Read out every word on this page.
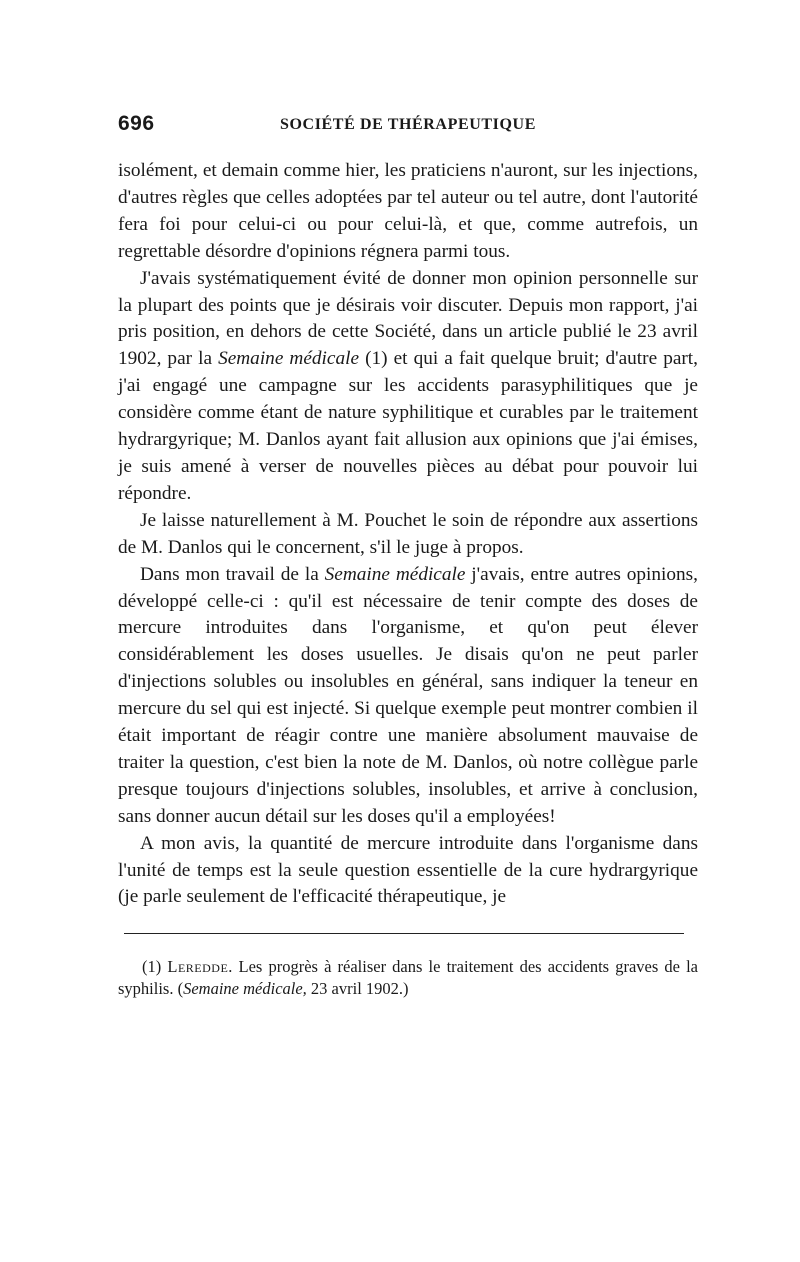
696	SOCIÉTÉ DE THÉRAPEUTIQUE

isolément, et demain comme hier, les praticiens n'auront, sur les injections, d'autres règles que celles adoptées par tel auteur ou tel autre, dont l'autorité fera foi pour celui-ci ou pour celui-là, et que, comme autrefois, un regrettable désordre d'opinions régnera parmi tous.

J'avais systématiquement évité de donner mon opinion personnelle sur la plupart des points que je désirais voir discuter. Depuis mon rapport, j'ai pris position, en dehors de cette Société, dans un article publié le 23 avril 1902, par la Semaine médicale (1) et qui a fait quelque bruit; d'autre part, j'ai engagé une campagne sur les accidents parasyphilitiques que je considère comme étant de nature syphilitique et curables par le traitement hydrargyrique; M. Danlos ayant fait allusion aux opinions que j'ai émises, je suis amené à verser de nouvelles pièces au débat pour pouvoir lui répondre.

Je laisse naturellement à M. Pouchet le soin de répondre aux assertions de M. Danlos qui le concernent, s'il le juge à propos.

Dans mon travail de la Semaine médicale j'avais, entre autres opinions, développé celle-ci : qu'il est nécessaire de tenir compte des doses de mercure introduites dans l'organisme, et qu'on peut élever considérablement les doses usuelles. Je disais qu'on ne peut parler d'injections solubles ou insolubles en général, sans indiquer la teneur en mercure du sel qui est injecté. Si quelque exemple peut montrer combien il était important de réagir contre une manière absolument mauvaise de traiter la question, c'est bien la note de M. Danlos, où notre collègue parle presque toujours d'injections solubles, insolubles, et arrive à conclusion, sans donner aucun détail sur les doses qu'il a employées!

A mon avis, la quantité de mercure introduite dans l'organisme dans l'unité de temps est la seule question essentielle de la cure hydrargyrique (je parle seulement de l'efficacité thérapeutique, je

(1) Leredde. Les progrès à réaliser dans le traitement des accidents graves de la syphilis. (Semaine médicale, 23 avril 1902.)
